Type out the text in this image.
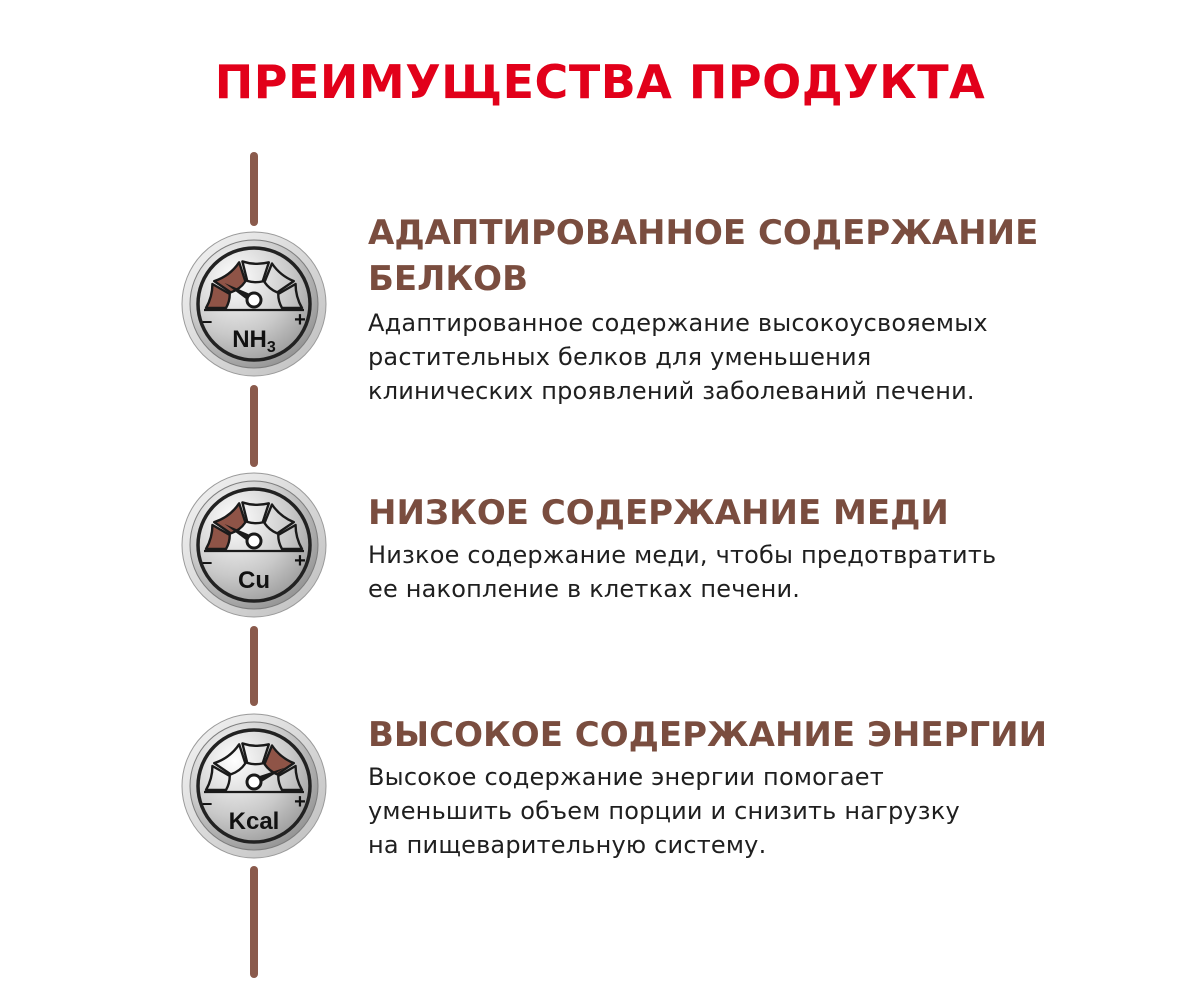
ПРЕИМУЩЕСТВА ПРОДУКТА
−	+
$NH_3$
АДАПТИРОВАННОЕ СОДЕРЖАНИЕ
БЕЛКОВ
Адаптированное содержание высокоусвояемых
растительных белков для уменьшения
клинических проявлений заболеваний печени.
−	+
Cu
НИЗКОЕ СОДЕРЖАНИЕ МЕДИ
Низкое содержание меди, чтобы предотвратить
ее накопление в клетках печени.
−	+
Kcal
ВЫСОКОЕ СОДЕРЖАНИЕ ЭНЕРГИИ
Высокое содержание энергии помогает
уменьшить объем порции и снизить нагрузку
на пищеварительную систему.
